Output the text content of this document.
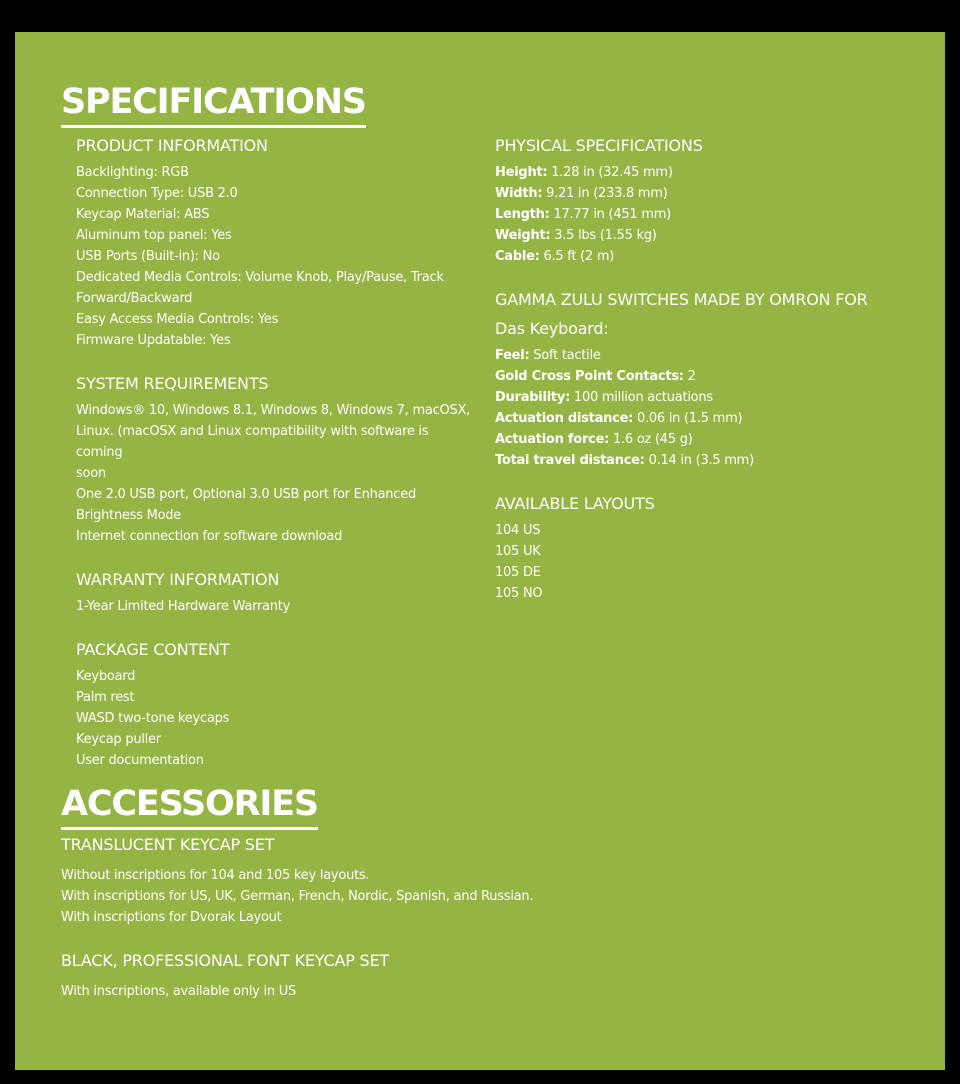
SPECIFICATIONS
PRODUCT INFORMATION
Backlighting: RGB
Connection Type: USB 2.0
Keycap Material: ABS
Aluminum top panel: Yes
USB Ports (Built-in): No
Dedicated Media Controls: Volume Knob, Play/Pause, Track
Forward/Backward
Easy Access Media Controls: Yes
Firmware Updatable: Yes
SYSTEM REQUIREMENTS
Windows® 10, Windows 8.1, Windows 8, Windows 7, macOSX,
Linux. (macOSX and Linux compatibility with software is coming
soon
One 2.0 USB port, Optional 3.0 USB port for Enhanced
Brightness Mode
Internet connection for software download
WARRANTY INFORMATION
1-Year Limited Hardware Warranty
PACKAGE CONTENT
Keyboard
Palm rest
WASD two-tone keycaps
Keycap puller
User documentation
PHYSICAL SPECIFICATIONS
Height: 1.28 in (32.45 mm)
Width: 9.21 in (233.8 mm)
Length: 17.77 in (451 mm)
Weight: 3.5 lbs (1.55 kg)
Cable: 6.5 ft (2 m)
GAMMA ZULU SWITCHES MADE BY OMRON FOR
Das Keyboard:
Feel: Soft tactile
Gold Cross Point Contacts: 2
Durability: 100 million actuations
Actuation distance: 0.06 in (1.5 mm)
Actuation force: 1.6 oz (45 g)
Total travel distance: 0.14 in (3.5 mm)
AVAILABLE LAYOUTS
104 US
105 UK
105 DE
105 NO
ACCESSORIES
TRANSLUCENT KEYCAP SET
Without inscriptions for 104 and 105 key layouts.
With inscriptions for US, UK, German, French, Nordic, Spanish, and Russian.
With inscriptions for Dvorak Layout
BLACK, PROFESSIONAL FONT KEYCAP SET
With inscriptions, available only in US
